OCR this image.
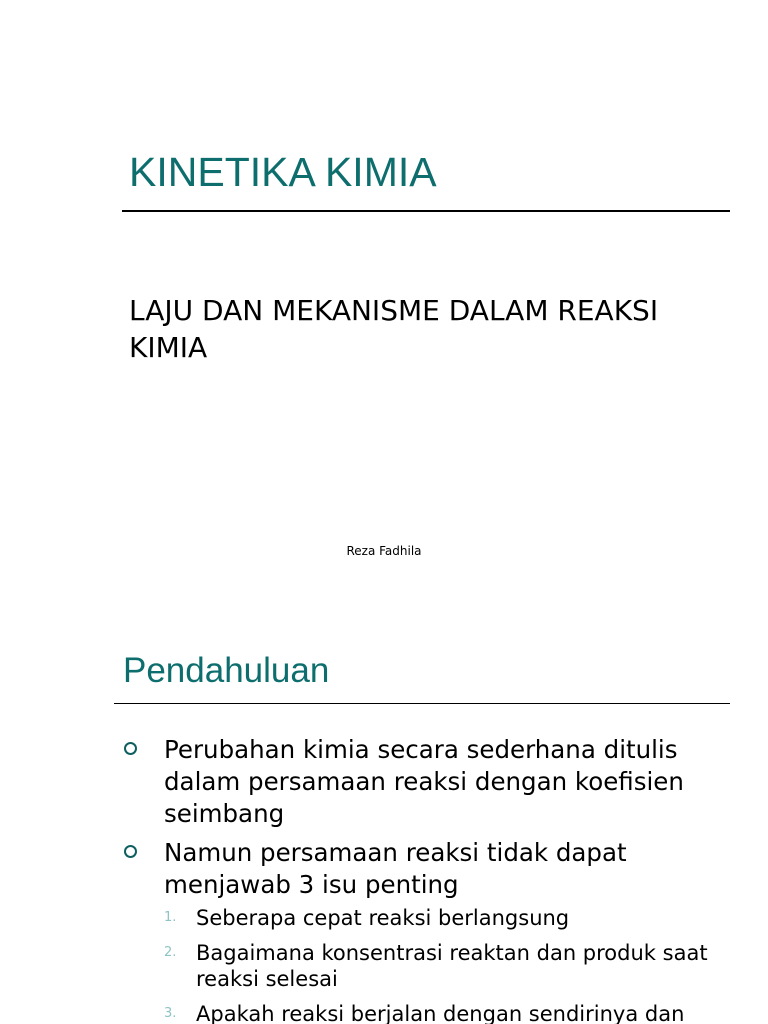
KINETIKA KIMIA
LAJU DAN MEKANISME DALAM REAKSI KIMIA
Reza Fadhila
Pendahuluan
Perubahan kimia secara sederhana ditulis dalam persamaan reaksi dengan koefisien seimbang
Namun persamaan reaksi tidak dapat menjawab 3 isu penting
1. Seberapa cepat reaksi berlangsung
2. Bagaimana konsentrasi reaktan dan produk saat reaksi selesai
3. Apakah reaksi berjalan dengan sendirinya dan
